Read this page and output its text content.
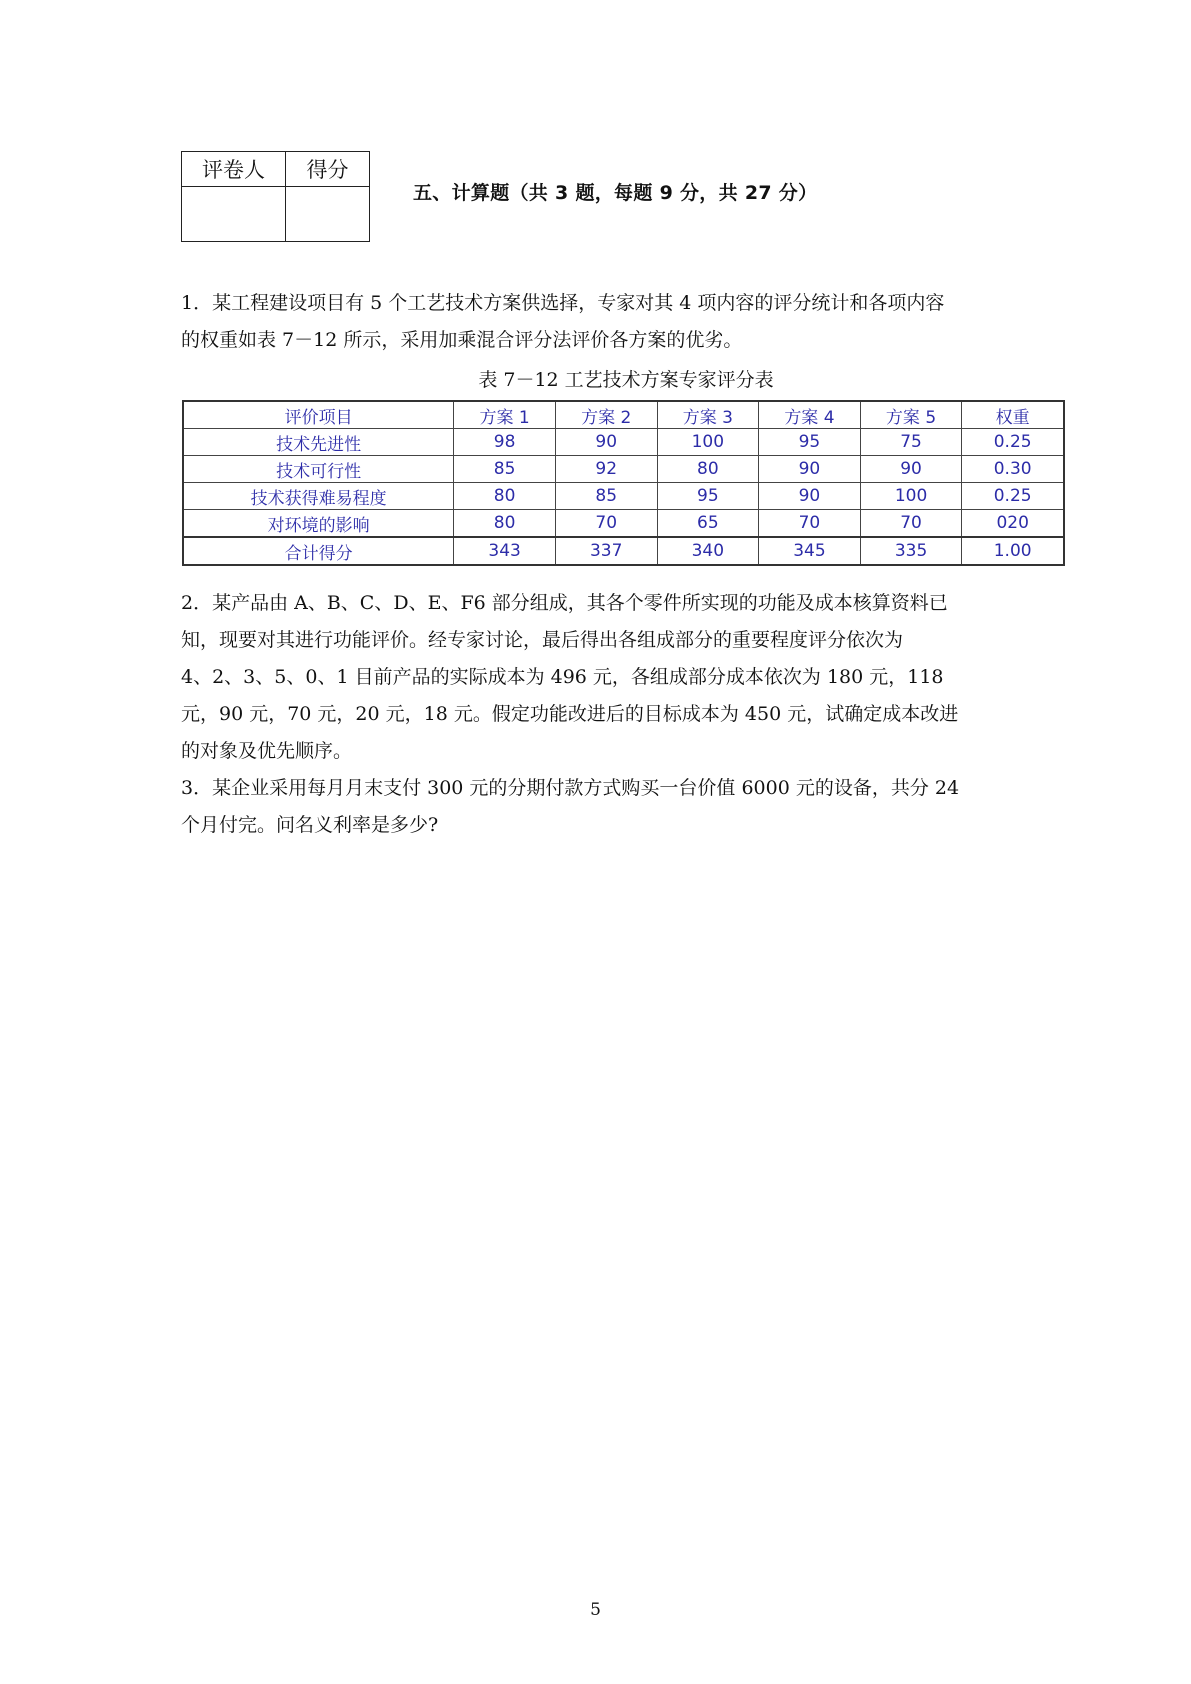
评卷人	得分

五、计算题（共 3 题，每题 9 分，共 27 分）
1．某工程建设项目有 5 个工艺技术方案供选择，专家对其 4 项内容的评分统计和各项内容
的权重如表 7－12 所示，采用加乘混合评分法评价各方案的优劣。
表 7－12 工艺技术方案专家评分表
评价项目	方案 1	方案 2	方案 3	方案 4	方案 5	权重
技术先进性	98	90	100	95	75	0.25
技术可行性	85	92	80	90	90	0.30
技术获得难易程度	80	85	95	90	100	0.25
对环境的影响	80	70	65	70	70	020
合计得分	343	337	340	345	335	1.00
2．某产品由 A、B、C、D、E、F6 部分组成，其各个零件所实现的功能及成本核算资料已
知，现要对其进行功能评价。经专家讨论，最后得出各组成部分的重要程度评分依次为
4、2、3、5、0、1 目前产品的实际成本为 496 元，各组成部分成本依次为 180 元，118
元，90 元，70 元，20 元，18 元。假定功能改进后的目标成本为 450 元，试确定成本改进
的对象及优先顺序。
3．某企业采用每月月末支付 300 元的分期付款方式购买一台价值 6000 元的设备，共分 24
个月付完。问名义利率是多少?
5
